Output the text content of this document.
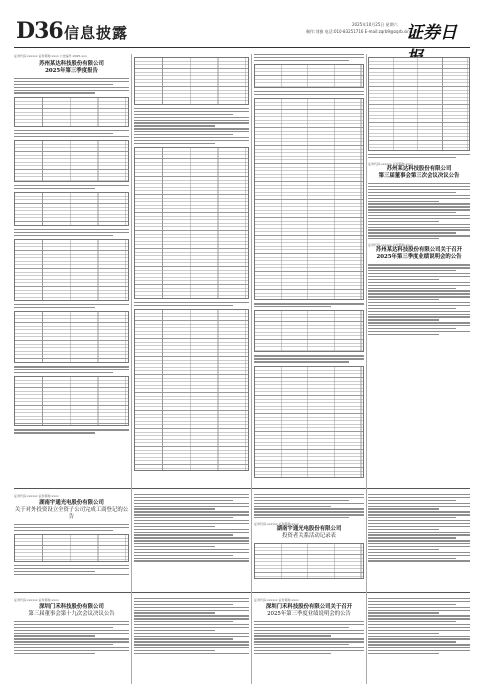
D36 信息披露	2025年10月25日 星期六
制作:刘雅 电话:010-83251716 E-mail:zqrb9@zqrb.sina.net
证券日
证券代码:xxxxxx 证券简称:xxxx 公告编号:2025-xxx
苏州某达科技股份有限公司
2025年第三季度报告
证券代码:xxxxxx 证券简称:xxxx
苏州某达科技股份有限公司
第三届董事会第三次会议决议公告
证券代码:xxxxxx 证券简称:xxxx
苏州某达科技股份有限公司关于召开
2025年第三季度业绩说明会的公告
证券代码:xxxxxx 证券简称:xxxx
湖南宇通光电股份有限公司
关于对外投资设立全资子公司完成工商登记的公告
证券代码:xxxxxx 证券简称:xxxx
湖南宇通光电股份有限公司
投资者关系活动记录表
证券代码:xxxxxx 证券简称:xxxx
深圳门禾科技股份有限公司
第三届董事会第十九次会议决议公告
证券代码:xxxxxx 证券简称:xxxx
深圳门禾科技股份有限公司关于召开
2025年第三季度业绩说明会的公告
